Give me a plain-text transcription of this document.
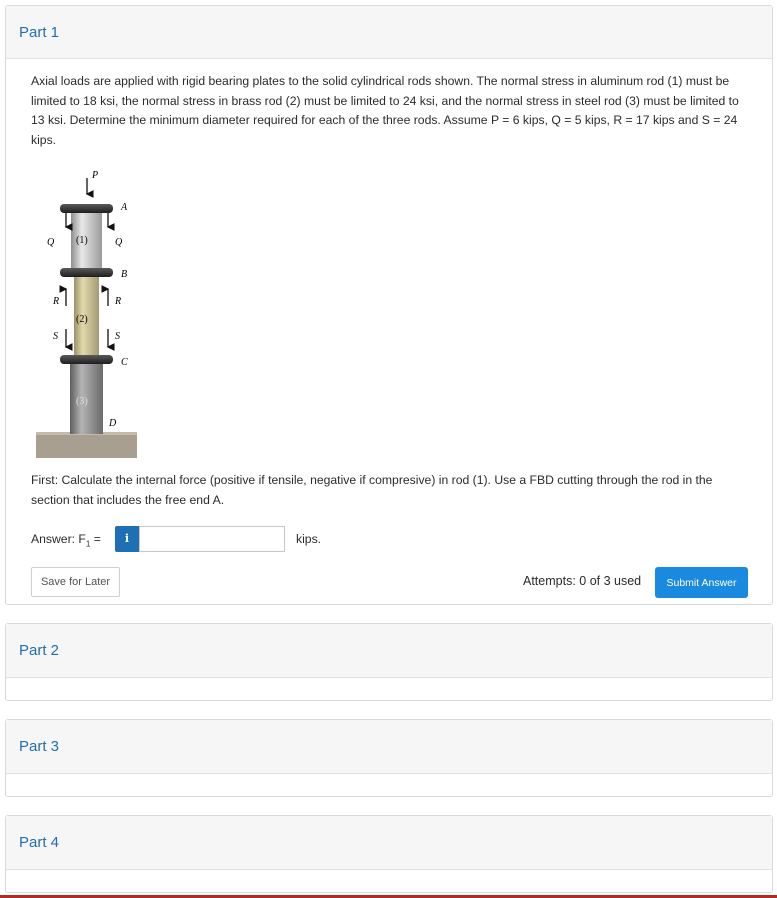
Part 1
Axial loads are applied with rigid bearing plates to the solid cylindrical rods shown. The normal stress in aluminum rod (1) must be limited to 18 ksi, the normal stress in brass rod (2) must be limited to 24 ksi, and the normal stress in steel rod (3) must be limited to 13 ksi. Determine the minimum diameter required for each of the three rods. Assume P = 6 kips, Q = 5 kips, R = 17 kips and S = 24 kips.
P
A
Q	Q
(1)
B
R	R
(2)
S	S
C
(3)
D
First: Calculate the internal force (positive if tensile, negative if compresive) in rod (1). Use a FBD cutting through the rod in the section that includes the free end A.
Answer: $F_1$ =	i	kips.
Save for Later	Attempts: 0 of 3 used	Submit Answer
Part 2
Part 3
Part 4
